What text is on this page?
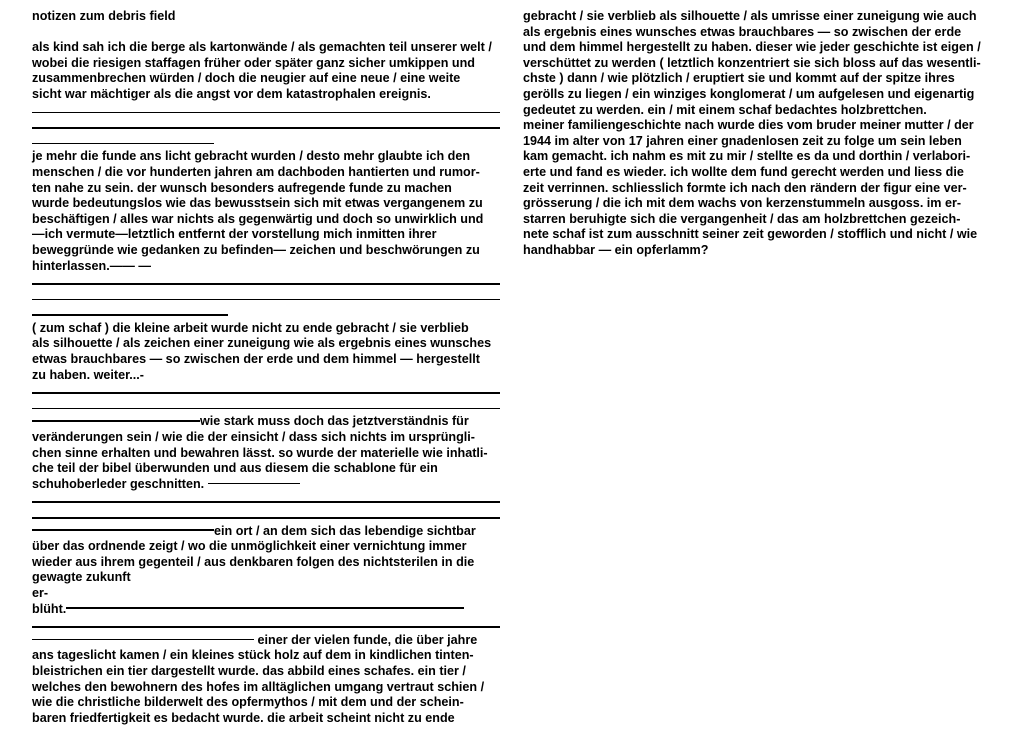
notizen zum debris field
als kind sah ich die berge als kartonwände / als gemachten teil unserer welt /
wobei die riesigen staffagen früher oder später ganz sicher umkippen und
zusammenbrechen würden / doch die neugier auf eine neue / eine weite
sicht war mächtiger als die angst vor dem katastrophalen ereignis.
je mehr die funde ans licht gebracht wurden / desto mehr glaubte ich den
menschen / die vor hunderten jahren am dachboden hantierten und rumor-
ten nahe zu sein. der wunsch besonders aufregende funde zu machen
wurde bedeutungslos wie das bewusstsein sich mit etwas vergangenem zu
beschäftigen / alles war nichts als gegenwärtig und doch so unwirklich und
—ich vermute—letztlich entfernt der vorstellung mich inmitten ihrer
beweggründe wie gedanken zu befinden— zeichen und beschwörungen zu
hinterlassen.—— —
( zum schaf ) die kleine arbeit wurde nicht zu ende gebracht / sie verblieb
als silhouette / als zeichen einer zuneigung wie als ergebnis eines wunsches
etwas brauchbares — so zwischen der erde und dem himmel — hergestellt
zu haben. weiter...-
wie stark muss doch das jetztverständnis für
veränderungen sein / wie die der einsicht / dass sich nichts im ursprüngli-
chen sinne erhalten und bewahren lässt. so wurde der materielle wie inhatli-
che teil der bibel überwunden und aus diesem die schablone für ein
schuhoberleder geschnitten.
ein ort / an dem sich das lebendige sichtbar
über das ordnende zeigt / wo die unmöglichkeit einer vernichtung immer
wieder aus ihrem gegenteil / aus denkbaren folgen des nichtsterilen in die
gewagte zukunft
er-
blüht.
einer der vielen funde, die über jahre
ans tageslicht kamen / ein kleines stück holz auf dem in kindlichen tinten-
bleistrichen ein tier dargestellt wurde. das abbild eines schafes. ein tier /
welches den bewohnern des hofes im alltäglichen umgang vertraut schien /
wie die christliche bilderwelt des opfermythos / mit dem und der schein-
baren friedfertigkeit es bedacht wurde. die arbeit scheint nicht zu ende
gebracht / sie verblieb als silhouette / als umrisse einer zuneigung wie auch
als ergebnis eines wunsches etwas brauchbares — so zwischen der erde
und dem himmel hergestellt zu haben. dieser wie jeder geschichte ist eigen /
verschüttet zu werden ( letztlich konzentriert sie sich bloss auf das wesentli-
chste ) dann / wie plötzlich / eruptiert sie und kommt auf der spitze ihres
gerölls zu liegen / ein winziges konglomerat / um aufgelesen und eigenartig
gedeutet zu werden. ein / mit einem schaf bedachtes holzbrettchen.
meiner familiengeschichte nach wurde dies vom bruder meiner mutter / der
1944 im alter von 17 jahren einer gnadenlosen zeit zu folge um sein leben
kam gemacht. ich nahm es mit zu mir / stellte es da und dorthin / verlabori-
erte und fand es wieder. ich wollte dem fund gerecht werden und liess die
zeit verrinnen. schliesslich formte ich nach den rändern der figur eine ver-
grösserung / die ich mit dem wachs von kerzenstummeln ausgoss. im er-
starren beruhigte sich die vergangenheit / das am holzbrettchen gezeich-
nete schaf ist zum ausschnitt seiner zeit geworden / stofflich und nicht / wie
handhabbar — ein opferlamm?
